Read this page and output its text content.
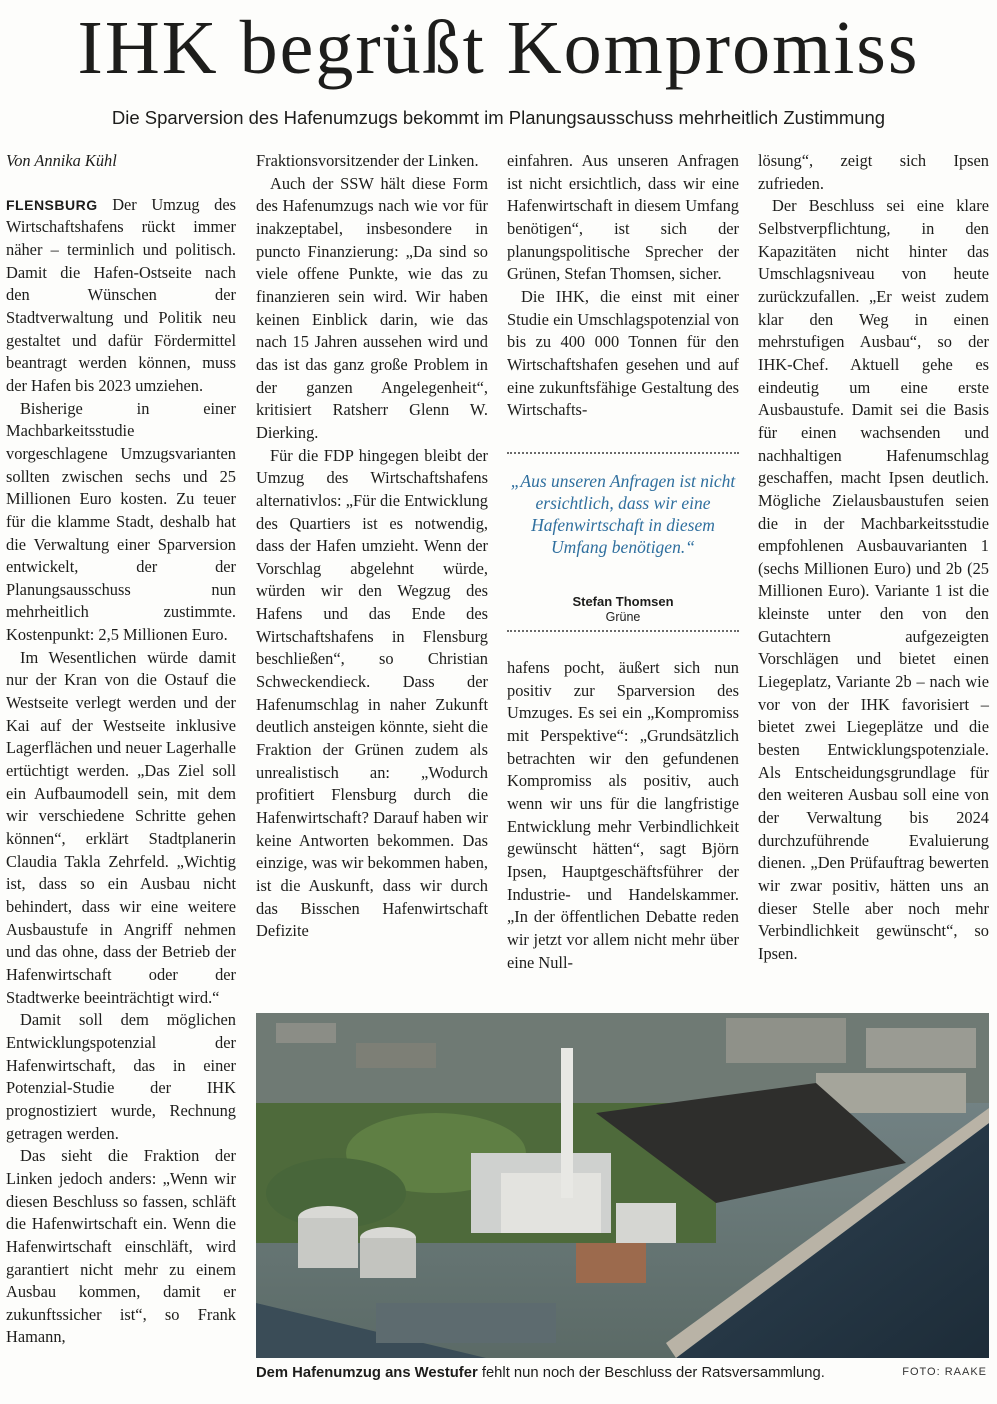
IHK begrüßt Kompromiss
Die Sparversion des Hafenumzugs bekommt im Planungsausschuss mehrheitlich Zustimmung
Von Annika Kühl

FLENSBURG Der Umzug des Wirtschaftshafens rückt immer näher – terminlich und politisch. Damit die Hafen-Ostseite nach den Wünschen der Stadtverwaltung und Politik neu gestaltet und dafür Fördermittel beantragt werden können, muss der Hafen bis 2023 umziehen.

Bisherige in einer Machbarkeitsstudie vorgeschlagene Umzugsvarianten sollten zwischen sechs und 25 Millionen Euro kosten. Zu teuer für die klamme Stadt, deshalb hat die Verwaltung einer Sparversion entwickelt, der der Planungsausschuss nun mehrheitlich zustimmte. Kostenpunkt: 2,5 Millionen Euro.

Im Wesentlichen würde damit nur der Kran von die Ostauf die Westseite verlegt werden und der Kai auf der Westseite inklusive Lagerflächen und neuer Lagerhalle ertüchtigt werden. „Das Ziel soll ein Aufbaumodell sein, mit dem wir verschiedene Schritte gehen können“, erklärt Stadtplanerin Claudia Takla Zehrfeld. „Wichtig ist, dass so ein Ausbau nicht behindert, dass wir eine weitere Ausbaustufe in Angriff nehmen und das ohne, dass der Betrieb der Hafenwirtschaft oder der Stadtwerke beeinträchtigt wird.“

Damit soll dem möglichen Entwicklungspotenzial der Hafenwirtschaft, das in einer Potenzial-Studie der IHK prognostiziert wurde, Rechnung getragen werden.

Das sieht die Fraktion der Linken jedoch anders: „Wenn wir diesen Beschluss so fassen, schläft die Hafenwirtschaft ein. Wenn die Hafenwirtschaft einschläft, wird garantiert nicht mehr zu einem Ausbau kommen, damit er zukunftssicher ist“, so Frank Hamann,

Fraktionsvorsitzender der Linken.

Auch der SSW hält diese Form des Hafenumzugs nach wie vor für inakzeptabel, insbesondere in puncto Finanzierung: „Da sind so viele offene Punkte, wie das zu finanzieren sein wird. Wir haben keinen Einblick darin, wie das nach 15 Jahren aussehen wird und das ist das ganz große Problem in der ganzen Angelegenheit“, kritisiert Ratsherr Glenn W. Dierking.

Für die FDP hingegen bleibt der Umzug des Wirtschaftshafens alternativlos: „Für die Entwicklung des Quartiers ist es notwendig, dass der Hafen umzieht. Wenn der Vorschlag abgelehnt würde, würden wir den Wegzug des Hafens und das Ende des Wirtschaftshafens in Flensburg beschließen“, so Christian Schweckendieck. Dass der Hafenumschlag in naher Zukunft deutlich ansteigen könnte, sieht die Fraktion der Grünen zudem als unrealistisch an: „Wodurch profitiert Flensburg durch die Hafenwirtschaft? Darauf haben wir keine Antworten bekommen. Das einzige, was wir bekommen haben, ist die Auskunft, dass wir durch das Bisschen Hafenwirtschaft Defizite

einfahren. Aus unseren Anfragen ist nicht ersichtlich, dass wir eine Hafenwirtschaft in diesem Umfang benötigen“, ist sich der planungspolitische Sprecher der Grünen, Stefan Thomsen, sicher.

Die IHK, die einst mit einer Studie ein Umschlagspotenzial von bis zu 400 000 Tonnen für den Wirtschaftshafen gesehen und auf eine zukunftsfähige Gestaltung des Wirtschafts-

„Aus unseren Anfragen ist nicht ersichtlich, dass wir eine Hafenwirtschaft in diesem Umfang benötigen.“
Stefan Thomsen
Grüne

hafens pocht, äußert sich nun positiv zur Sparversion des Umzuges. Es sei ein „Kompromiss mit Perspektive“: „Grundsätzlich betrachten wir den gefundenen Kompromiss als positiv, auch wenn wir uns für die langfristige Entwicklung mehr Verbindlichkeit gewünscht hätten“, sagt Björn Ipsen, Hauptgeschäftsführer der Industrie- und Handelskammer. „In der öffentlichen Debatte reden wir jetzt vor allem nicht mehr über eine Null-

lösung“, zeigt sich Ipsen zufrieden.

Der Beschluss sei eine klare Selbstverpflichtung, in den Kapazitäten nicht hinter das Umschlagsniveau von heute zurückzufallen. „Er weist zudem klar den Weg in einen mehrstufigen Ausbau“, so der IHK-Chef. Aktuell gehe es eindeutig um eine erste Ausbaustufe. Damit sei die Basis für einen wachsenden und nachhaltigen Hafenumschlag geschaffen, macht Ipsen deutlich. Mögliche Zielausbaustufen seien die in der Machbarkeitsstudie empfohlenen Ausbauvarianten 1 (sechs Millionen Euro) und 2b (25 Millionen Euro). Variante 1 ist die kleinste unter den von den Gutachtern aufgezeigten Vorschlägen und bietet einen Liegeplatz, Variante 2b – nach wie vor von der IHK favorisiert – bietet zwei Liegeplätze und die besten Entwicklungspotenziale. Als Entscheidungsgrundlage für den weiteren Ausbau soll eine von der Verwaltung bis 2024 durchzuführende Evaluierung dienen. „Den Prüfauftrag bewerten wir zwar positiv, hätten uns an dieser Stelle aber noch mehr Verbindlichkeit gewünscht“, so Ipsen.

Dem Hafenumzug ans Westufer fehlt nun noch der Beschluss der Ratsversammlung.	FOTO: RAAKE
